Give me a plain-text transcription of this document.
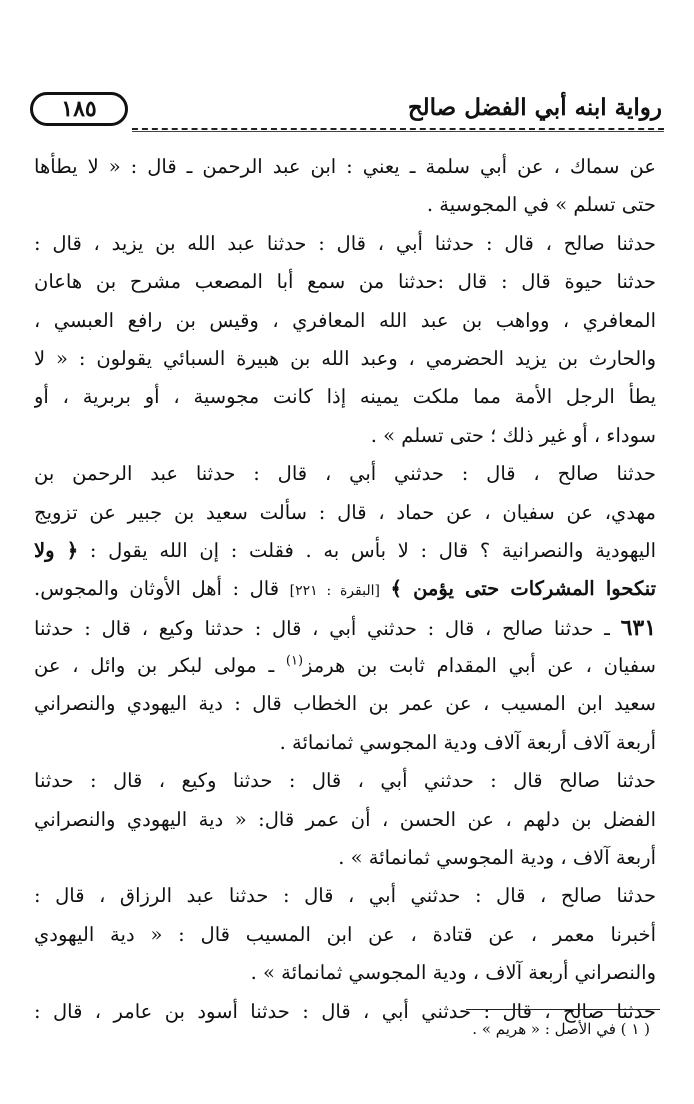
رواية ابنه أبي الفضل صالح
١٨٥
عن سماك ، عن أبي سلمة ـ يعني : ابن عبد الرحمن ـ قال : « لا يطأها
حتى تسلم » في المجوسية .
حدثنا صالح ، قال : حدثنا أبي ، قال : حدثنا عبد الله بن يزيد ، قال :
حدثنا حيوة قال : قال :حدثنا من سمع أبا المصعب مشرح بن هاعان
المعافري ، وواهب بن عبد الله المعافري ، وقيس بن رافع العبسي ،
والحارث بن يزيد الحضرمي ، وعبد الله بن هبيرة السبائي يقولون : « لا
يطأ الرجل الأمة مما ملكت يمينه إذا كانت مجوسية ، أو بربرية ، أو
سوداء ، أو غير ذلك ؛ حتى تسلم » .
حدثنا صالح ، قال : حدثني أبي ، قال : حدثنا عبد الرحمن بن
مهدي، عن سفيان ، عن حماد ، قال : سألت سعيد بن جبير عن تزويج
اليهودية والنصرانية ؟ قال : لا بأس به . فقلت : إن الله يقول : ﴿ ولا
تنكحوا المشركات حتى يؤمن ﴾ [البقرة : ٢٢١] قال : أهل الأوثان والمجوس.
٦٣١ ـ حدثنا صالح ، قال : حدثني أبي ، قال : حدثنا وكيع ، قال : حدثنا
سفيان ، عن أبي المقدام ثابت بن هرمز$^{(١)}$ ـ مولى لبكر بن وائل ، عن
سعيد ابن المسيب ، عن عمر بن الخطاب قال : دية اليهودي والنصراني
أربعة آلاف أربعة آلاف ودية المجوسي ثمانمائة .
حدثنا صالح قال : حدثني أبي ، قال : حدثنا وكيع ، قال : حدثنا
الفضل بن دلهم ، عن الحسن ، أن عمر قال: « دية اليهودي والنصراني
أربعة آلاف ، ودية المجوسي ثمانمائة » .
حدثنا صالح ، قال : حدثني أبي ، قال : حدثنا عبد الرزاق ، قال :
أخبرنا معمر ، عن قتادة ، عن ابن المسيب قال : « دية اليهودي
والنصراني أربعة آلاف ، ودية المجوسي ثمانمائة » .
حدثنا صالح ، قال : حدثني أبي ، قال : حدثنا أسود بن عامر ، قال :
( ١ ) في الأصل : « هريم » .
